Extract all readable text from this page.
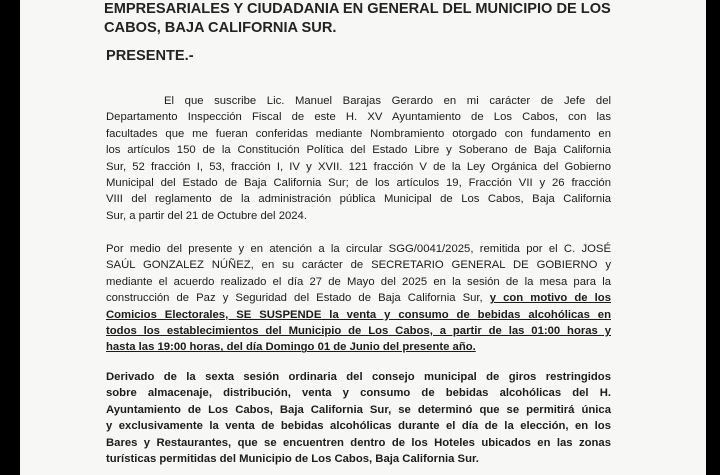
EMPRESARIALES Y CIUDADANIA EN GENERAL DEL MUNICIPIO DE LOS
CABOS, BAJA CALIFORNIA SUR.
PRESENTE.-
El que suscribe Lic. Manuel Barajas Gerardo en mi carácter de Jefe del
Departamento Inspección Fiscal de este H. XV Ayuntamiento de Los Cabos, con las
facultades que me fueran conferidas mediante Nombramiento otorgado con fundamento en
los artículos 150 de la Constitución Política del Estado Libre y Soberano de Baja California
Sur, 52 fracción I, 53, fracción I, IV y XVII. 121 fracción V de la Ley Orgánica del Gobierno
Municipal del Estado de Baja California Sur; de los artículos 19, Fracción VII y 26 fracción
VIII del reglamento de la administración pública Municipal de Los Cabos, Baja California
Sur, a partir del 21 de Octubre del 2024.
Por medio del presente y en atención a la circular SGG/0041/2025, remitida por el C. JOSÉ
SAÚL GONZALEZ NÚÑEZ, en su carácter de SECRETARIO GENERAL DE GOBIERNO y
mediante el acuerdo realizado el día 27 de Mayo del 2025 en la sesión de la mesa para la
construcción de Paz y Seguridad del Estado de Baja California Sur, y con motivo de los
Comicios Electorales, SE SUSPENDE la venta y consumo de bebidas alcohólicas en
todos los establecimientos del Municipio de Los Cabos, a partir de las 01:00 horas y
hasta las 19:00 horas, del día Domingo 01 de Junio del presente año.
Derivado de la sexta sesión ordinaria del consejo municipal de giros restringidos
sobre almacenaje, distribución, venta y consumo de bebidas alcohólicas del H.
Ayuntamiento de Los Cabos, Baja California Sur, se determinó que se permitirá única
y exclusivamente la venta de bebidas alcohólicas durante el día de la elección, en los
Bares y Restaurantes, que se encuentren dentro de los Hoteles ubicados en las zonas
turísticas permitidas del Municipio de Los Cabos, Baja California Sur.
